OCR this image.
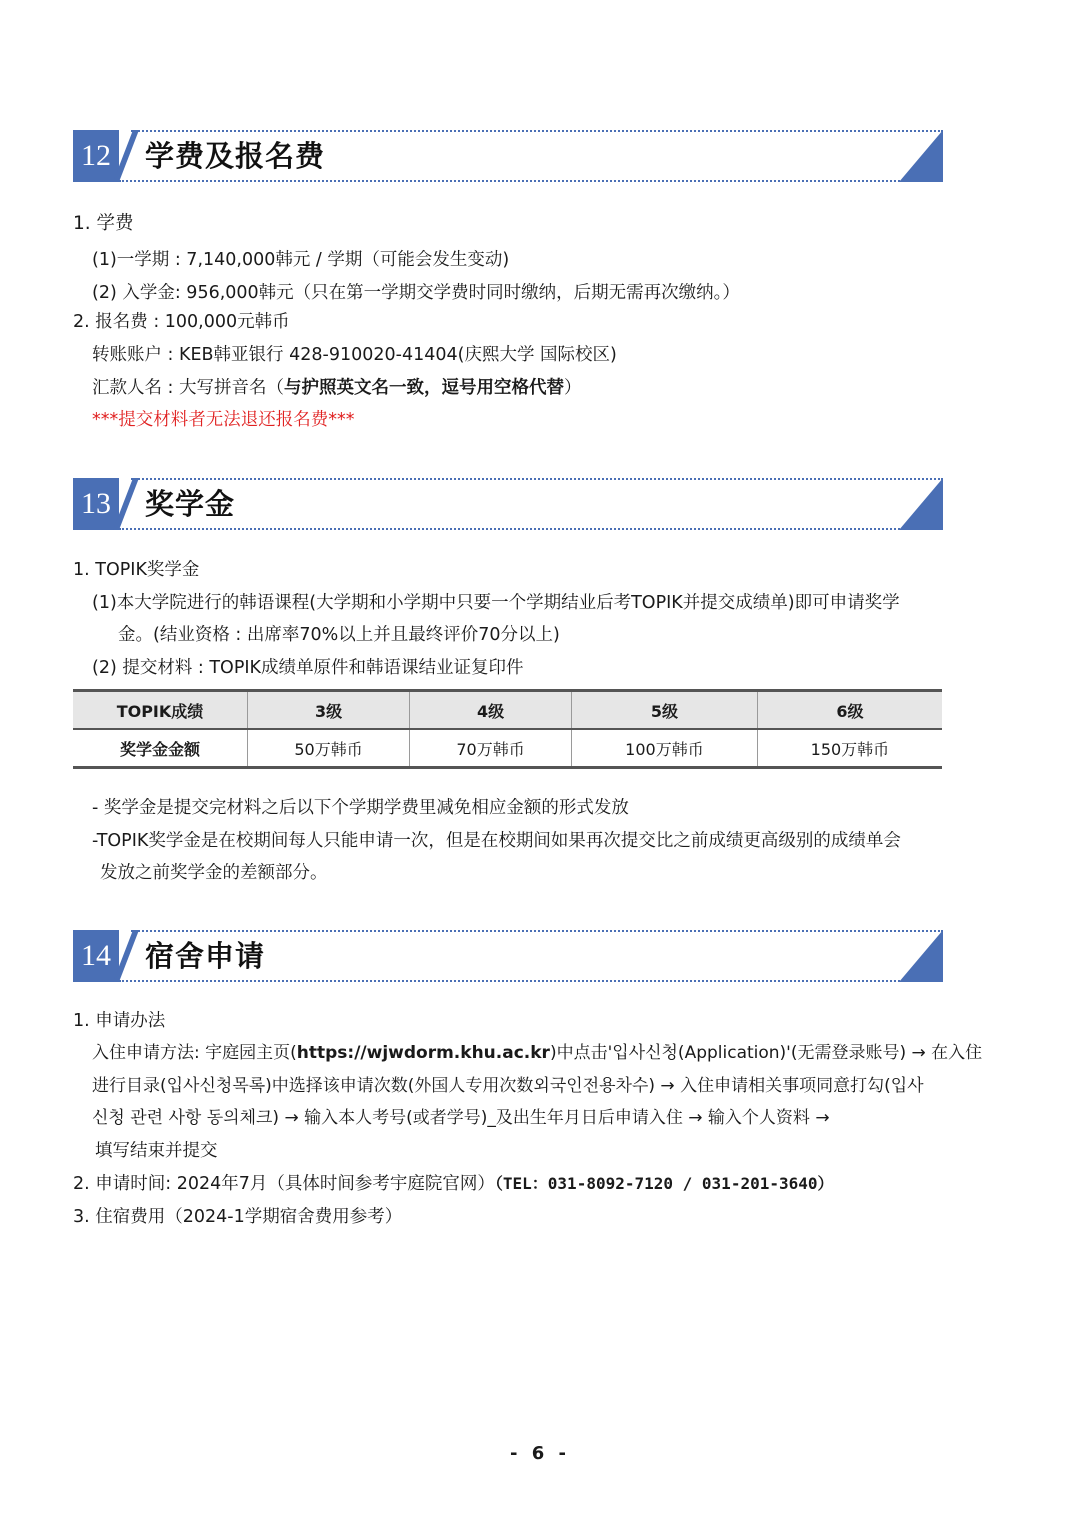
12 学费及报名费
1. 学费
(1)一学期 : 7,140,000韩元 / 学期（可能会发生变动)
(2) 入学金: 956,000韩元（只在第一学期交学费时同时缴纳，后期无需再次缴纳。）
2. 报名费 : 100,000元韩币
转账账户 : KEB韩亚银行 428-910020-41404(庆熙大学 国际校区)
汇款人名 : 大写拼音名（与护照英文名一致，逗号用空格代替）
***提交材料者无法退还报名费***
13 奖学金
1. TOPIK奖学金
(1)本大学院进行的韩语课程(大学期和小学期中只要一个学期结业后考TOPIK并提交成绩单)即可申请奖学
金。(结业资格 : 出席率70%以上并且最终评价70分以上)
(2) 提交材料 : TOPIK成绩单原件和韩语课结业证复印件
TOPIK成绩	3级	4级	5级	6级
奖学金金额	50万韩币	70万韩币	100万韩币	150万韩币
- 奖学金是提交完材料之后以下个学期学费里减免相应金额的形式发放
-TOPIK奖学金是在校期间每人只能申请一次，但是在校期间如果再次提交比之前成绩更高级别的成绩单会
发放之前奖学金的差额部分。
14 宿舍申请
1. 申请办法
入住申请方法: 宇庭园主页(https://wjwdorm.khu.ac.kr)中点击'입사신청(Application)'(无需登录账号) → 在入住
进行目录(입사신청목록)中选择该申请次数(外国人专用次数외국인전용차수) → 入住申请相关事项同意打勾(입사
신청 관련 사항 동의체크) → 输入本人考号(或者学号)_及出生年月日后申请入住 → 输入个人资料 →
填写结束并提交
2. 申请时间: 2024年7月（具体时间参考宇庭院官网）（TEL：031-8092-7120 / 031-201-3640）
3. 住宿费用（2024-1学期宿舍费用参考）
- 6 -
